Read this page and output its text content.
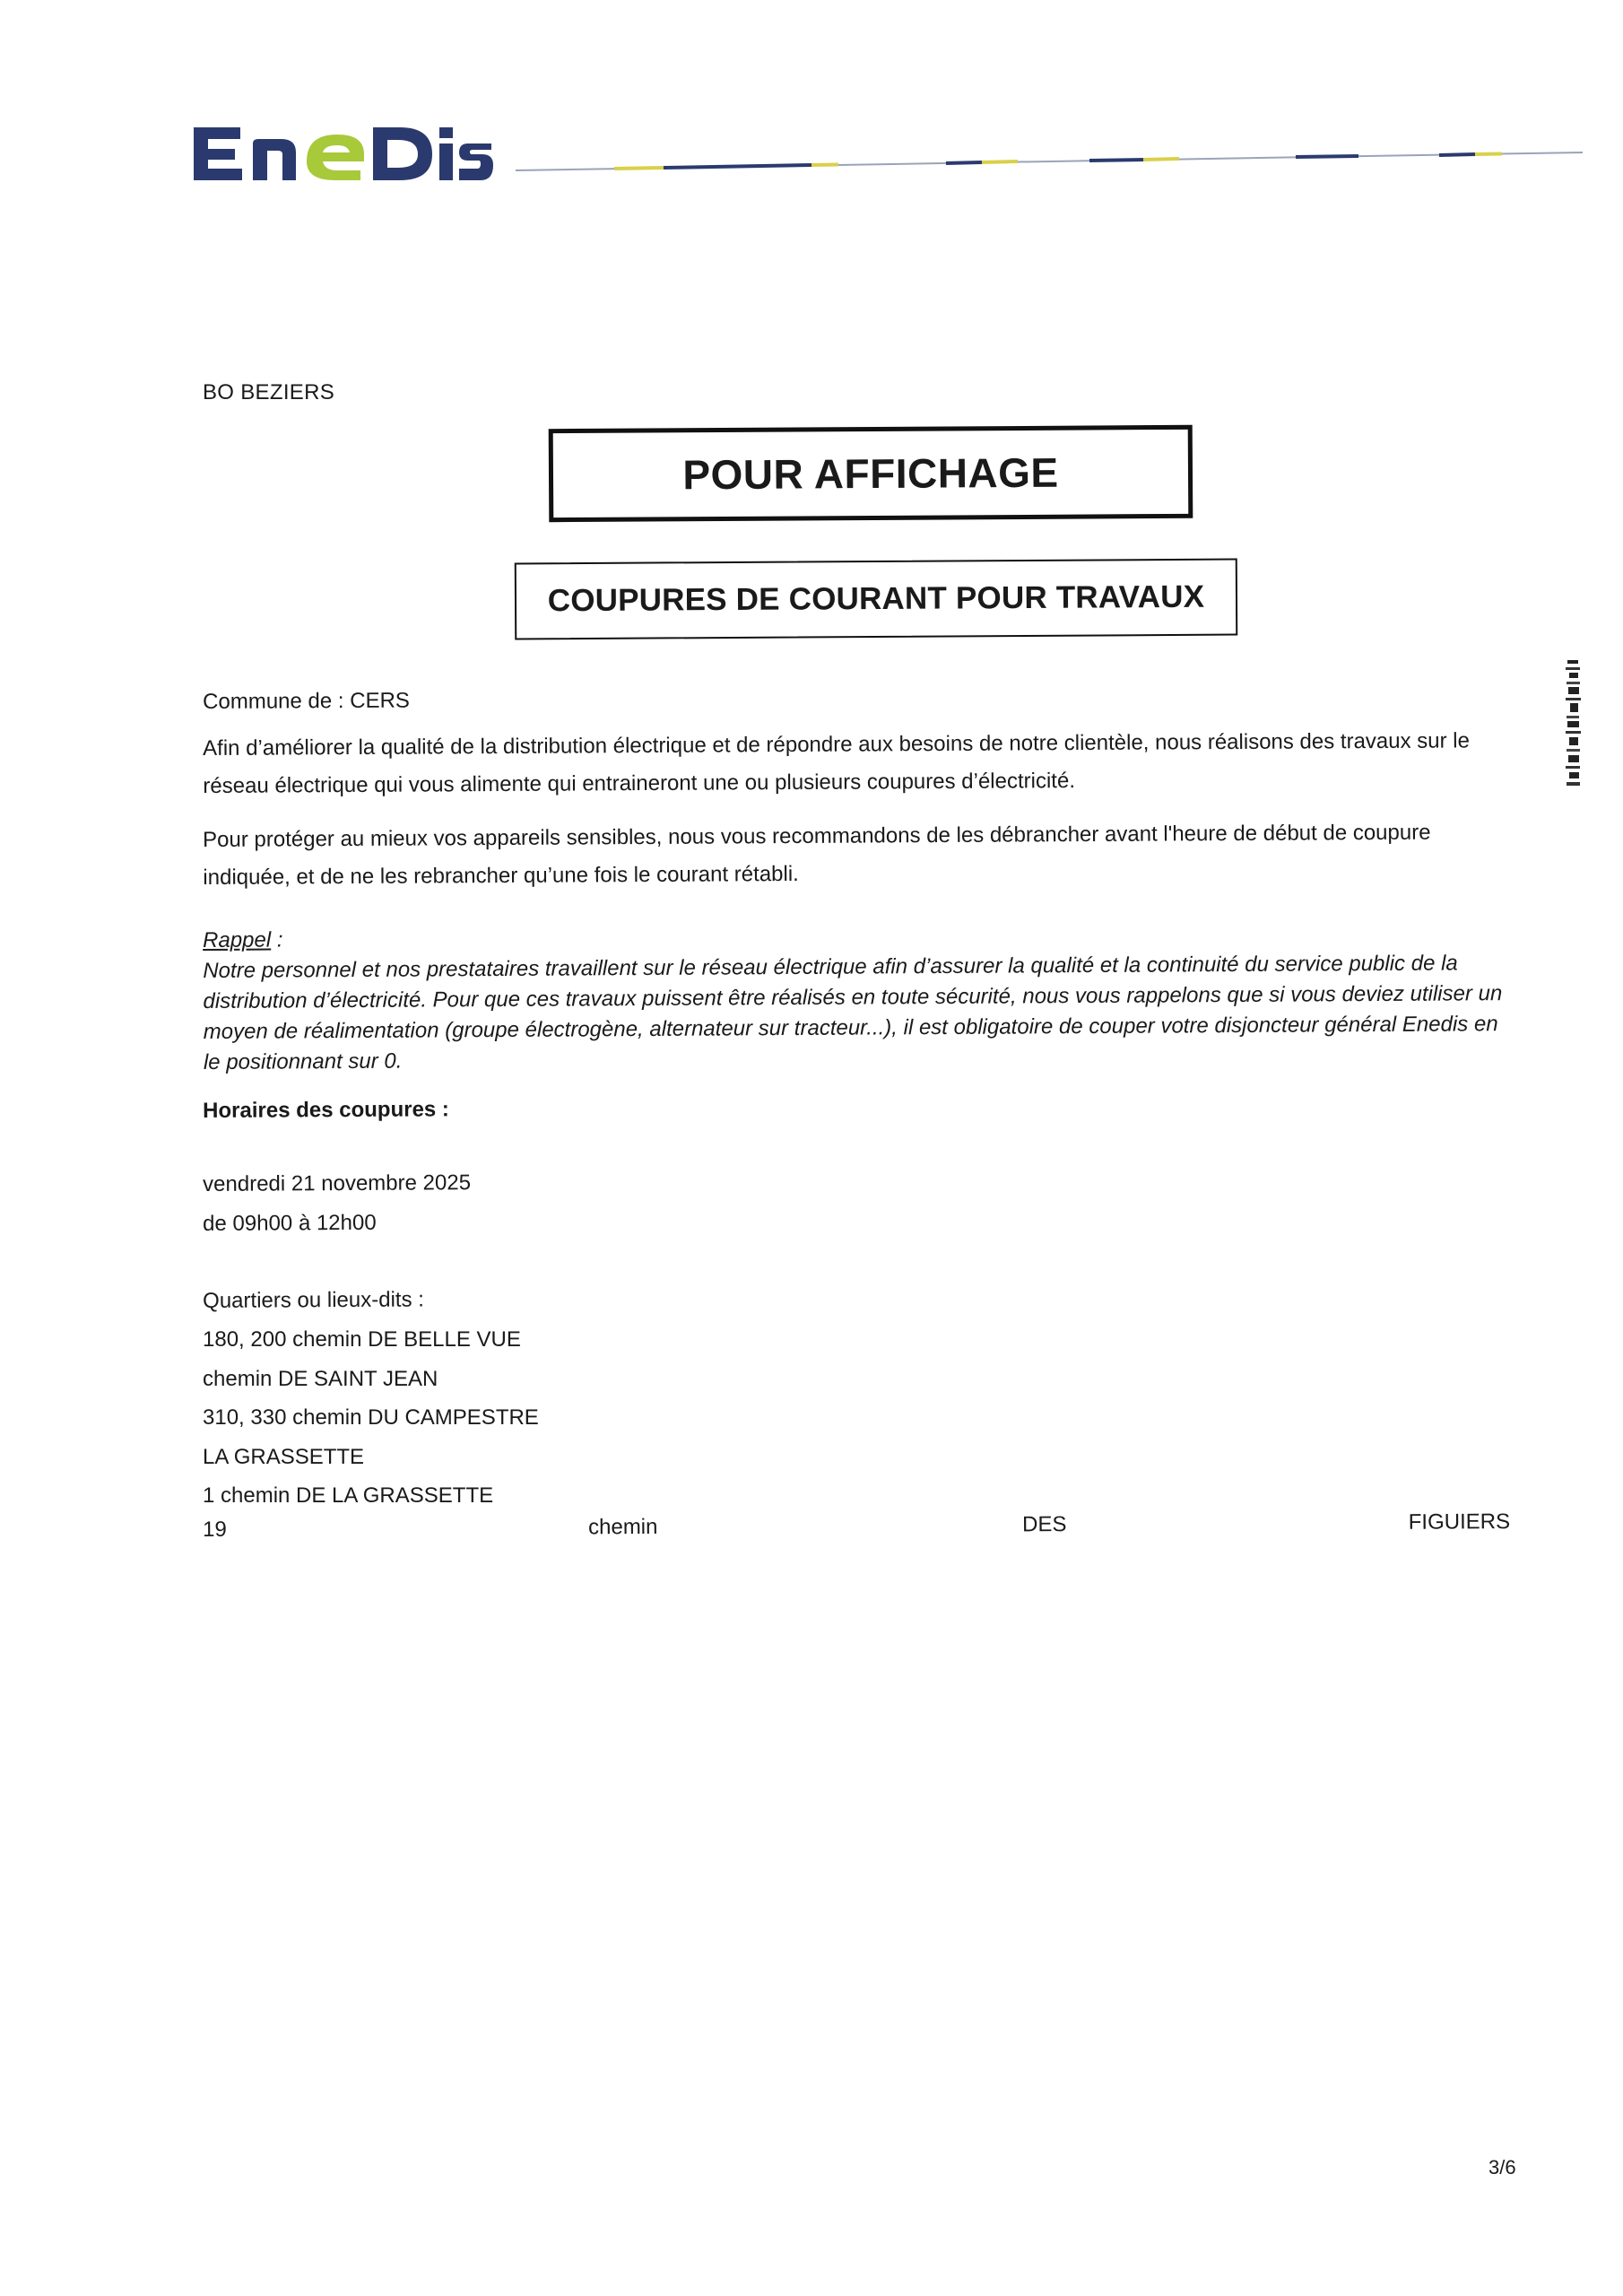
BO BEZIERS
POUR AFFICHAGE
COUPURES DE COURANT POUR TRAVAUX
Commune de : CERS
Afin d’améliorer la qualité de la distribution électrique et de répondre aux besoins de notre clientèle, nous réalisons des travaux sur le réseau électrique qui vous alimente qui entraineront une ou plusieurs coupures d’électricité.
Pour protéger au mieux vos appareils sensibles, nous vous recommandons de les débrancher avant l'heure de début de coupure indiquée, et de ne les rebrancher qu’une fois le courant rétabli.
Rappel :
Notre personnel et nos prestataires travaillent sur le réseau électrique afin d’assurer la qualité et la continuité du service public de la distribution d’électricité. Pour que ces travaux puissent être réalisés en toute sécurité, nous vous rappelons que si vous deviez utiliser un moyen de réalimentation (groupe électrogène, alternateur sur tracteur...), il est obligatoire de couper votre disjoncteur général Enedis en le positionnant sur 0.
Horaires des coupures :
vendredi 21 novembre 2025
de 09h00 à 12h00
Quartiers ou lieux-dits :
180, 200 chemin DE BELLE VUE
chemin DE SAINT JEAN
310, 330 chemin DU CAMPESTRE
LA GRASSETTE
1 chemin DE LA GRASSETTE
19	chemin	DES	FIGUIERS
3/6
